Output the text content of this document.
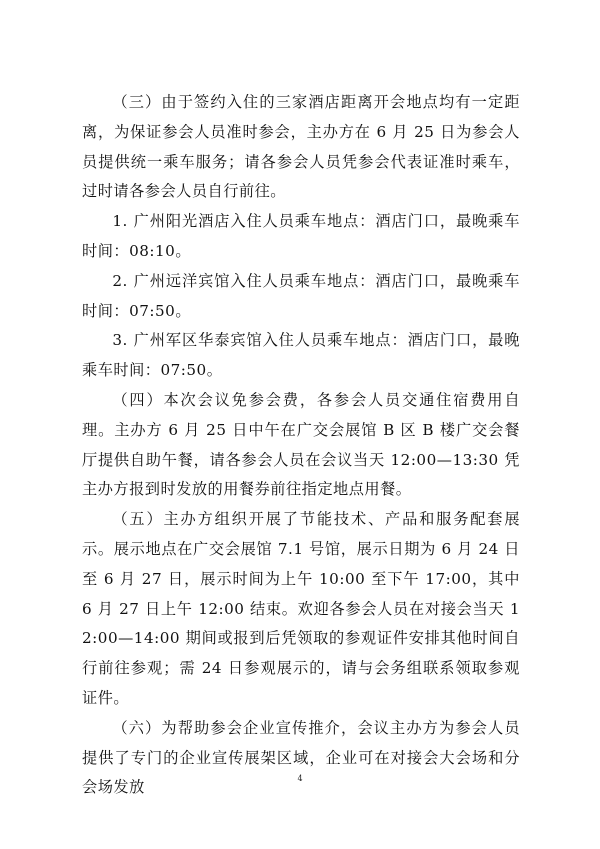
（三）由于签约入住的三家酒店距离开会地点均有一定距离，为保证参会人员准时参会，主办方在 6 月 25 日为参会人员提供统一乘车服务；请各参会人员凭参会代表证准时乘车，过时请各参会人员自行前往。

1. 广州阳光酒店入住人员乘车地点：酒店门口，最晚乘车时间：08:10。

2. 广州远洋宾馆入住人员乘车地点：酒店门口，最晚乘车时间：07:50。

3. 广州军区华泰宾馆入住人员乘车地点：酒店门口，最晚乘车时间：07:50。

（四）本次会议免参会费，各参会人员交通住宿费用自理。主办方 6 月 25 日中午在广交会展馆 B 区 B 楼广交会餐厅提供自助午餐，请各参会人员在会议当天 12:00—13:30 凭主办方报到时发放的用餐券前往指定地点用餐。

（五）主办方组织开展了节能技术、产品和服务配套展示。展示地点在广交会展馆 7.1 号馆，展示日期为 6 月 24 日至 6 月 27 日，展示时间为上午 10:00 至下午 17:00，其中 6 月 27 日上午 12:00 结束。欢迎各参会人员在对接会当天 12:00—14:00 期间或报到后凭领取的参观证件安排其他时间自行前往参观；需 24 日参观展示的，请与会务组联系领取参观证件。

（六）为帮助参会企业宣传推介，会议主办方为参会人员提供了专门的企业宣传展架区域，企业可在对接会大会场和分会场发放	4
